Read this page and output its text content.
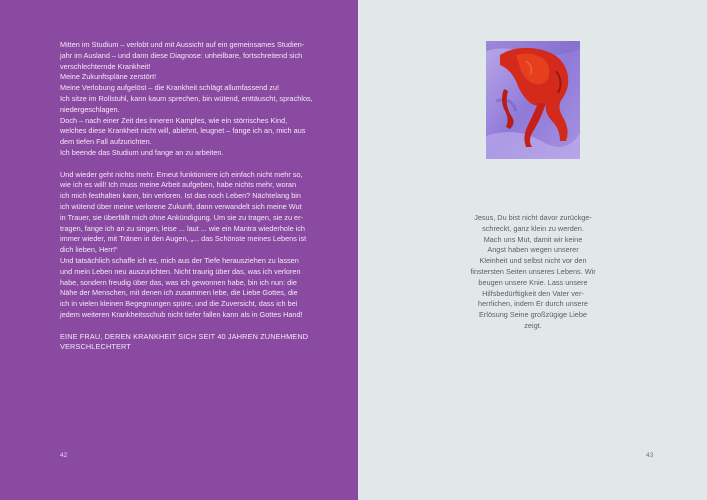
Mitten im Studium – verlobt und mit Aussicht auf ein gemeinsames Studien-
jahr im Ausland – und dann diese Diagnose: unheilbare, fortschreitend sich
verschlechternde Krankheit!
Meine Zukunftspläne zerstört!
Meine Verlobung aufgelöst – die Krankheit schlägt allumfassend zu!
Ich sitze im Rollstuhl, kann kaum sprechen, bin wütend, enttäuscht, sprachlos,
niedergeschlagen.
Doch – nach einer Zeit des inneren Kampfes, wie ein störrisches Kind,
welches diese Krankheit nicht will, ablehnt, leugnet – fange ich an, mich aus
dem tiefen Fall aufzurichten.
Ich beende das Studium und fange an zu arbeiten.

Und wieder geht nichts mehr. Erneut funktioniere ich einfach nicht mehr so,
wie ich es will! Ich muss meine Arbeit aufgeben, habe nichts mehr, woran
ich mich festhalten kann, bin verloren. Ist das noch Leben? Nächtelang bin
ich wütend über meine verlorene Zukunft, dann verwandelt sich meine Wut
in Trauer, sie überfällt mich ohne Ankündigung. Um sie zu tragen, sie zu er-
tragen, fange ich an zu singen, leise ... laut ... wie ein Mantra wiederhole ich
immer wieder, mit Tränen in den Augen, „... das Schönste meines Lebens ist
dich lieben, Herr!“
Und tatsächlich schaffe ich es, mich aus der Tiefe herausziehen zu lassen
und mein Leben neu auszurichten. Nicht traurig über das, was ich verloren
habe, sondern freudig über das, was ich gewonnen habe, bin ich nun: die
Nähe der Menschen, mit denen ich zusammen lebe, die Liebe Gottes, die
ich in vielen kleinen Begegnungen spüre, und die Zuversicht, dass ich bei
jedem weiteren Krankheitsschub nicht tiefer fallen kann als in Gottes Hand!

EINE FRAU, DEREN KRANKHEIT SICH SEIT 40 JAHREN ZUNEHMEND
VERSCHLECHTERT
42
Jesus, Du bist nicht davor zurückge-
schreckt, ganz klein zu werden.
Mach uns Mut, damit wir keine
Angst haben wegen unserer
Kleinheit und selbst nicht vor den
finstersten Seiten unseres Lebens. Wir
beugen unsere Knie. Lass unsere
Hilfsbedürftigkeit den Vater ver-
herrlichen, indem Er durch unsere
Erlösung Seine großzügige Liebe
zeigt.
43
